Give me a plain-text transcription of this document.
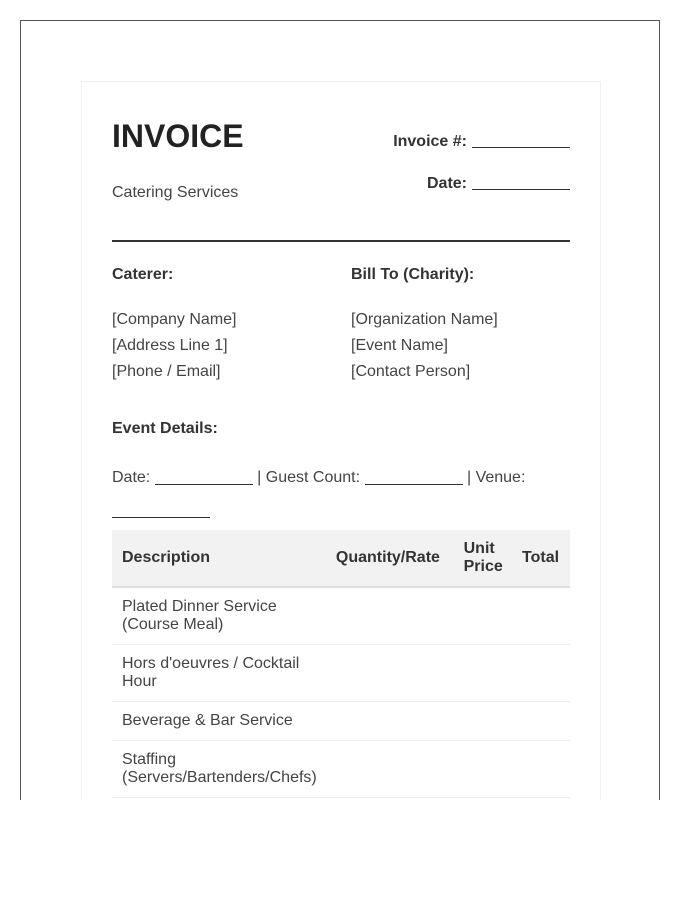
INVOICE
Catering Services
Invoice #:
Date:
Caterer:
[Company Name]
[Address Line 1]
[Phone / Email]
Bill To (Charity):
[Organization Name]
[Event Name]
[Contact Person]
Event Details:
Date:	| Guest Count:	| Venue:
Description	Quantity/Rate	Unit Price	Total
Plated Dinner Service (Course Meal)			
Hors d'oeuvres / Cocktail Hour			
Beverage & Bar Service			
Staffing (Servers/Bartenders/Chefs)			
